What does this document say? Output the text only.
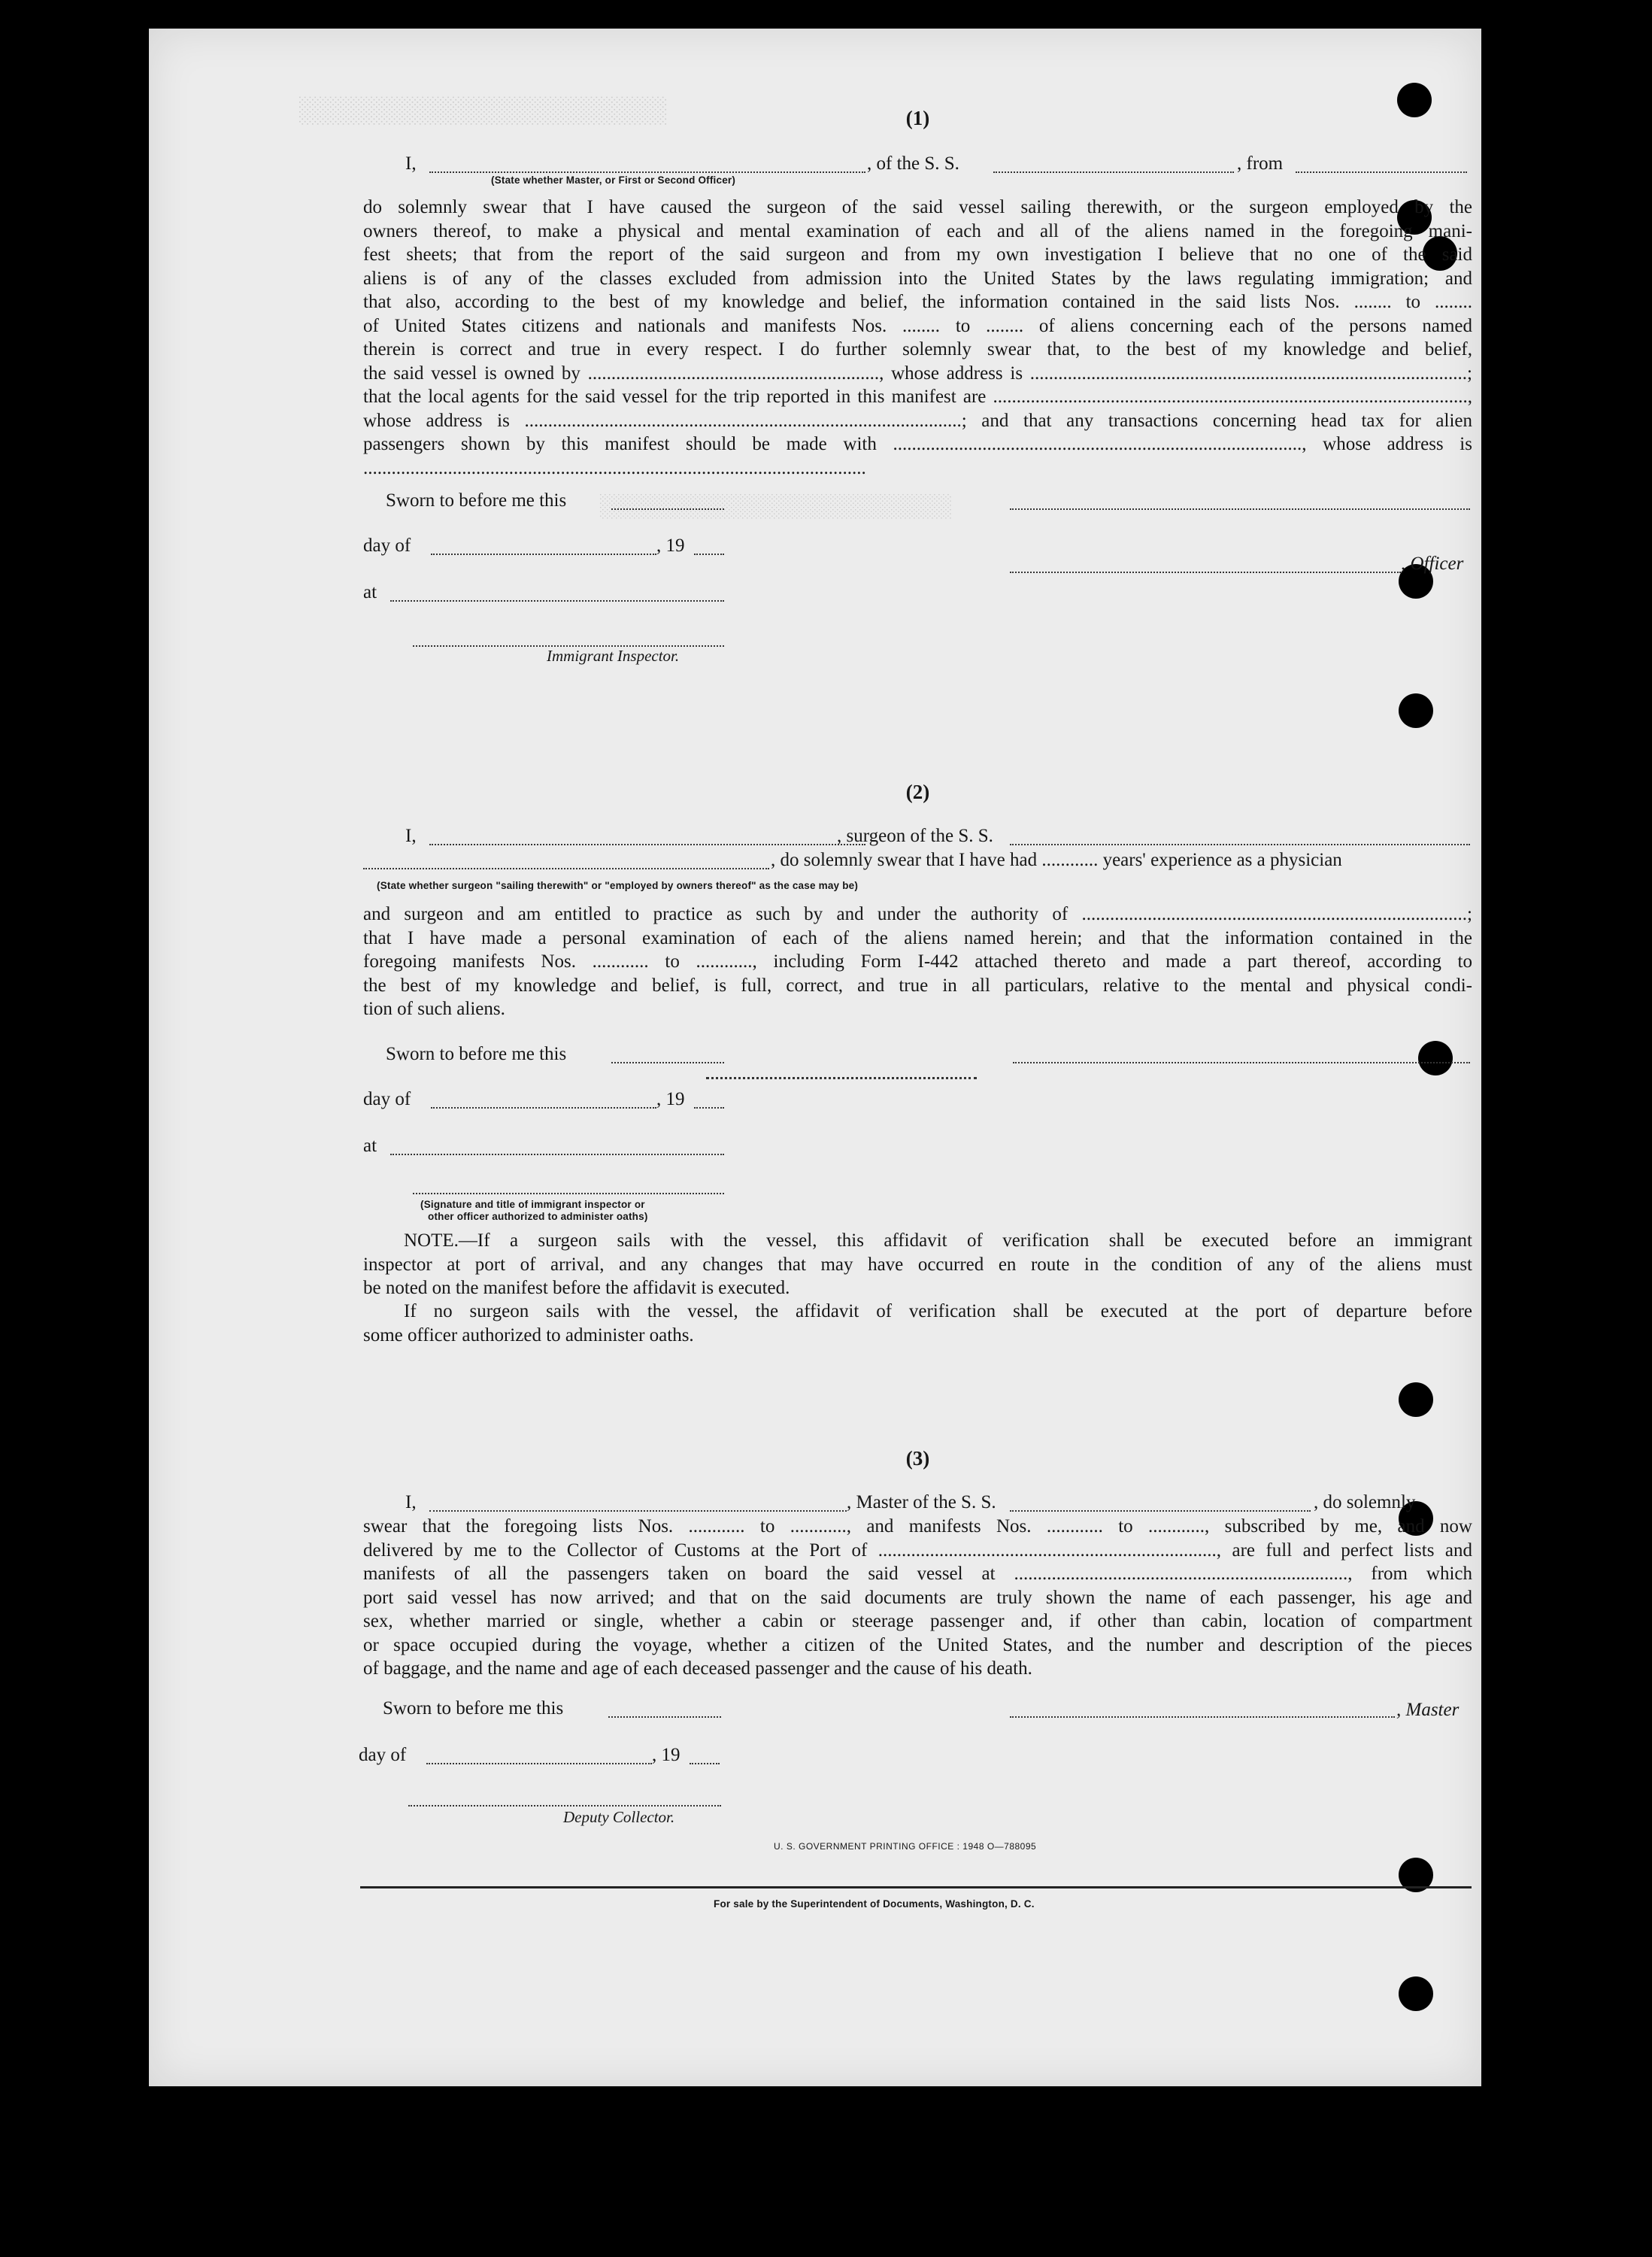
░░░░░░░░░░░░░░░░░░░░░░░░
░░░░░░░░░░░░░░░░░░░░░░░░░░
(1)
I,	, of the S. S.	, from
(State whether Master, or First or Second Officer)
do solemnly swear that I have caused the surgeon of the said vessel sailing therewith, or the surgeon employed by the
owners thereof, to make a physical and mental examination of each and all of the aliens named in the foregoing mani-
fest sheets; that from the report of the said surgeon and from my own investigation I believe that no one of the said
aliens is of any of the classes excluded from admission into the United States by the laws regulating immigration; and
that also, according to the best of my knowledge and belief, the information contained in the said lists Nos. ........ to ........
of United States citizens and nationals and manifests Nos. ........ to ........ of aliens concerning each of the persons named
therein is correct and true in every respect. I do further solemnly swear that, to the best of my knowledge and belief,
the said vessel is owned by .............................................................., whose address is .............................................................................................;
that the local agents for the said vessel for the trip reported in this manifest are .....................................................................................................,
whose address is .............................................................................................; and that any transactions concerning head tax for alien
passengers shown by this manifest should be made with ......................................................................................., whose address is
...........................................................................................................
Sworn to before me this
day of	, 19
, Officer
at
Immigrant Inspector.
(2)
I,	, surgeon of the S. S.
, do solemnly swear that I have had ............ years' experience as a physician
(State whether surgeon "sailing therewith" or "employed by owners thereof" as the case may be)
and surgeon and am entitled to practice as such by and under the authority of ..................................................................................;
that I have made a personal examination of each of the aliens named herein; and that the information contained in the
foregoing manifests Nos. ............ to ............, including Form I-442 attached thereto and made a part thereof, according to
the best of my knowledge and belief, is full, correct, and true in all particulars, relative to the mental and physical condi-
tion of such aliens.
Sworn to before me this
day of	, 19
at
(Signature and title of immigrant inspector or
other officer authorized to administer oaths)
NOTE.—If a surgeon sails with the vessel, this affidavit of verification shall be executed before an immigrant
inspector at port of arrival, and any changes that may have occurred en route in the condition of any of the aliens must
be noted on the manifest before the affidavit is executed.
If no surgeon sails with the vessel, the affidavit of verification shall be executed at the port of departure before
some officer authorized to administer oaths.
(3)
I,	, Master of the S. S.	, do solemnly
swear that the foregoing lists Nos. ............ to ............, and manifests Nos. ............ to ............, subscribed by me, and now
delivered by me to the Collector of Customs at the Port of ........................................................................, are full and perfect lists and
manifests of all the passengers taken on board the said vessel at ......................................................................., from which
port said vessel has now arrived; and that on the said documents are truly shown the name of each passenger, his age and
sex, whether married or single, whether a cabin or steerage passenger and, if other than cabin, location of compartment
or space occupied during the voyage, whether a citizen of the United States, and the number and description of the pieces
of baggage, and the name and age of each deceased passenger and the cause of his death.
Sworn to before me this	, Master
day of	, 19
Deputy Collector.
U. S. GOVERNMENT PRINTING OFFICE : 1948 O—788095
For sale by the Superintendent of Documents, Washington, D. C.
